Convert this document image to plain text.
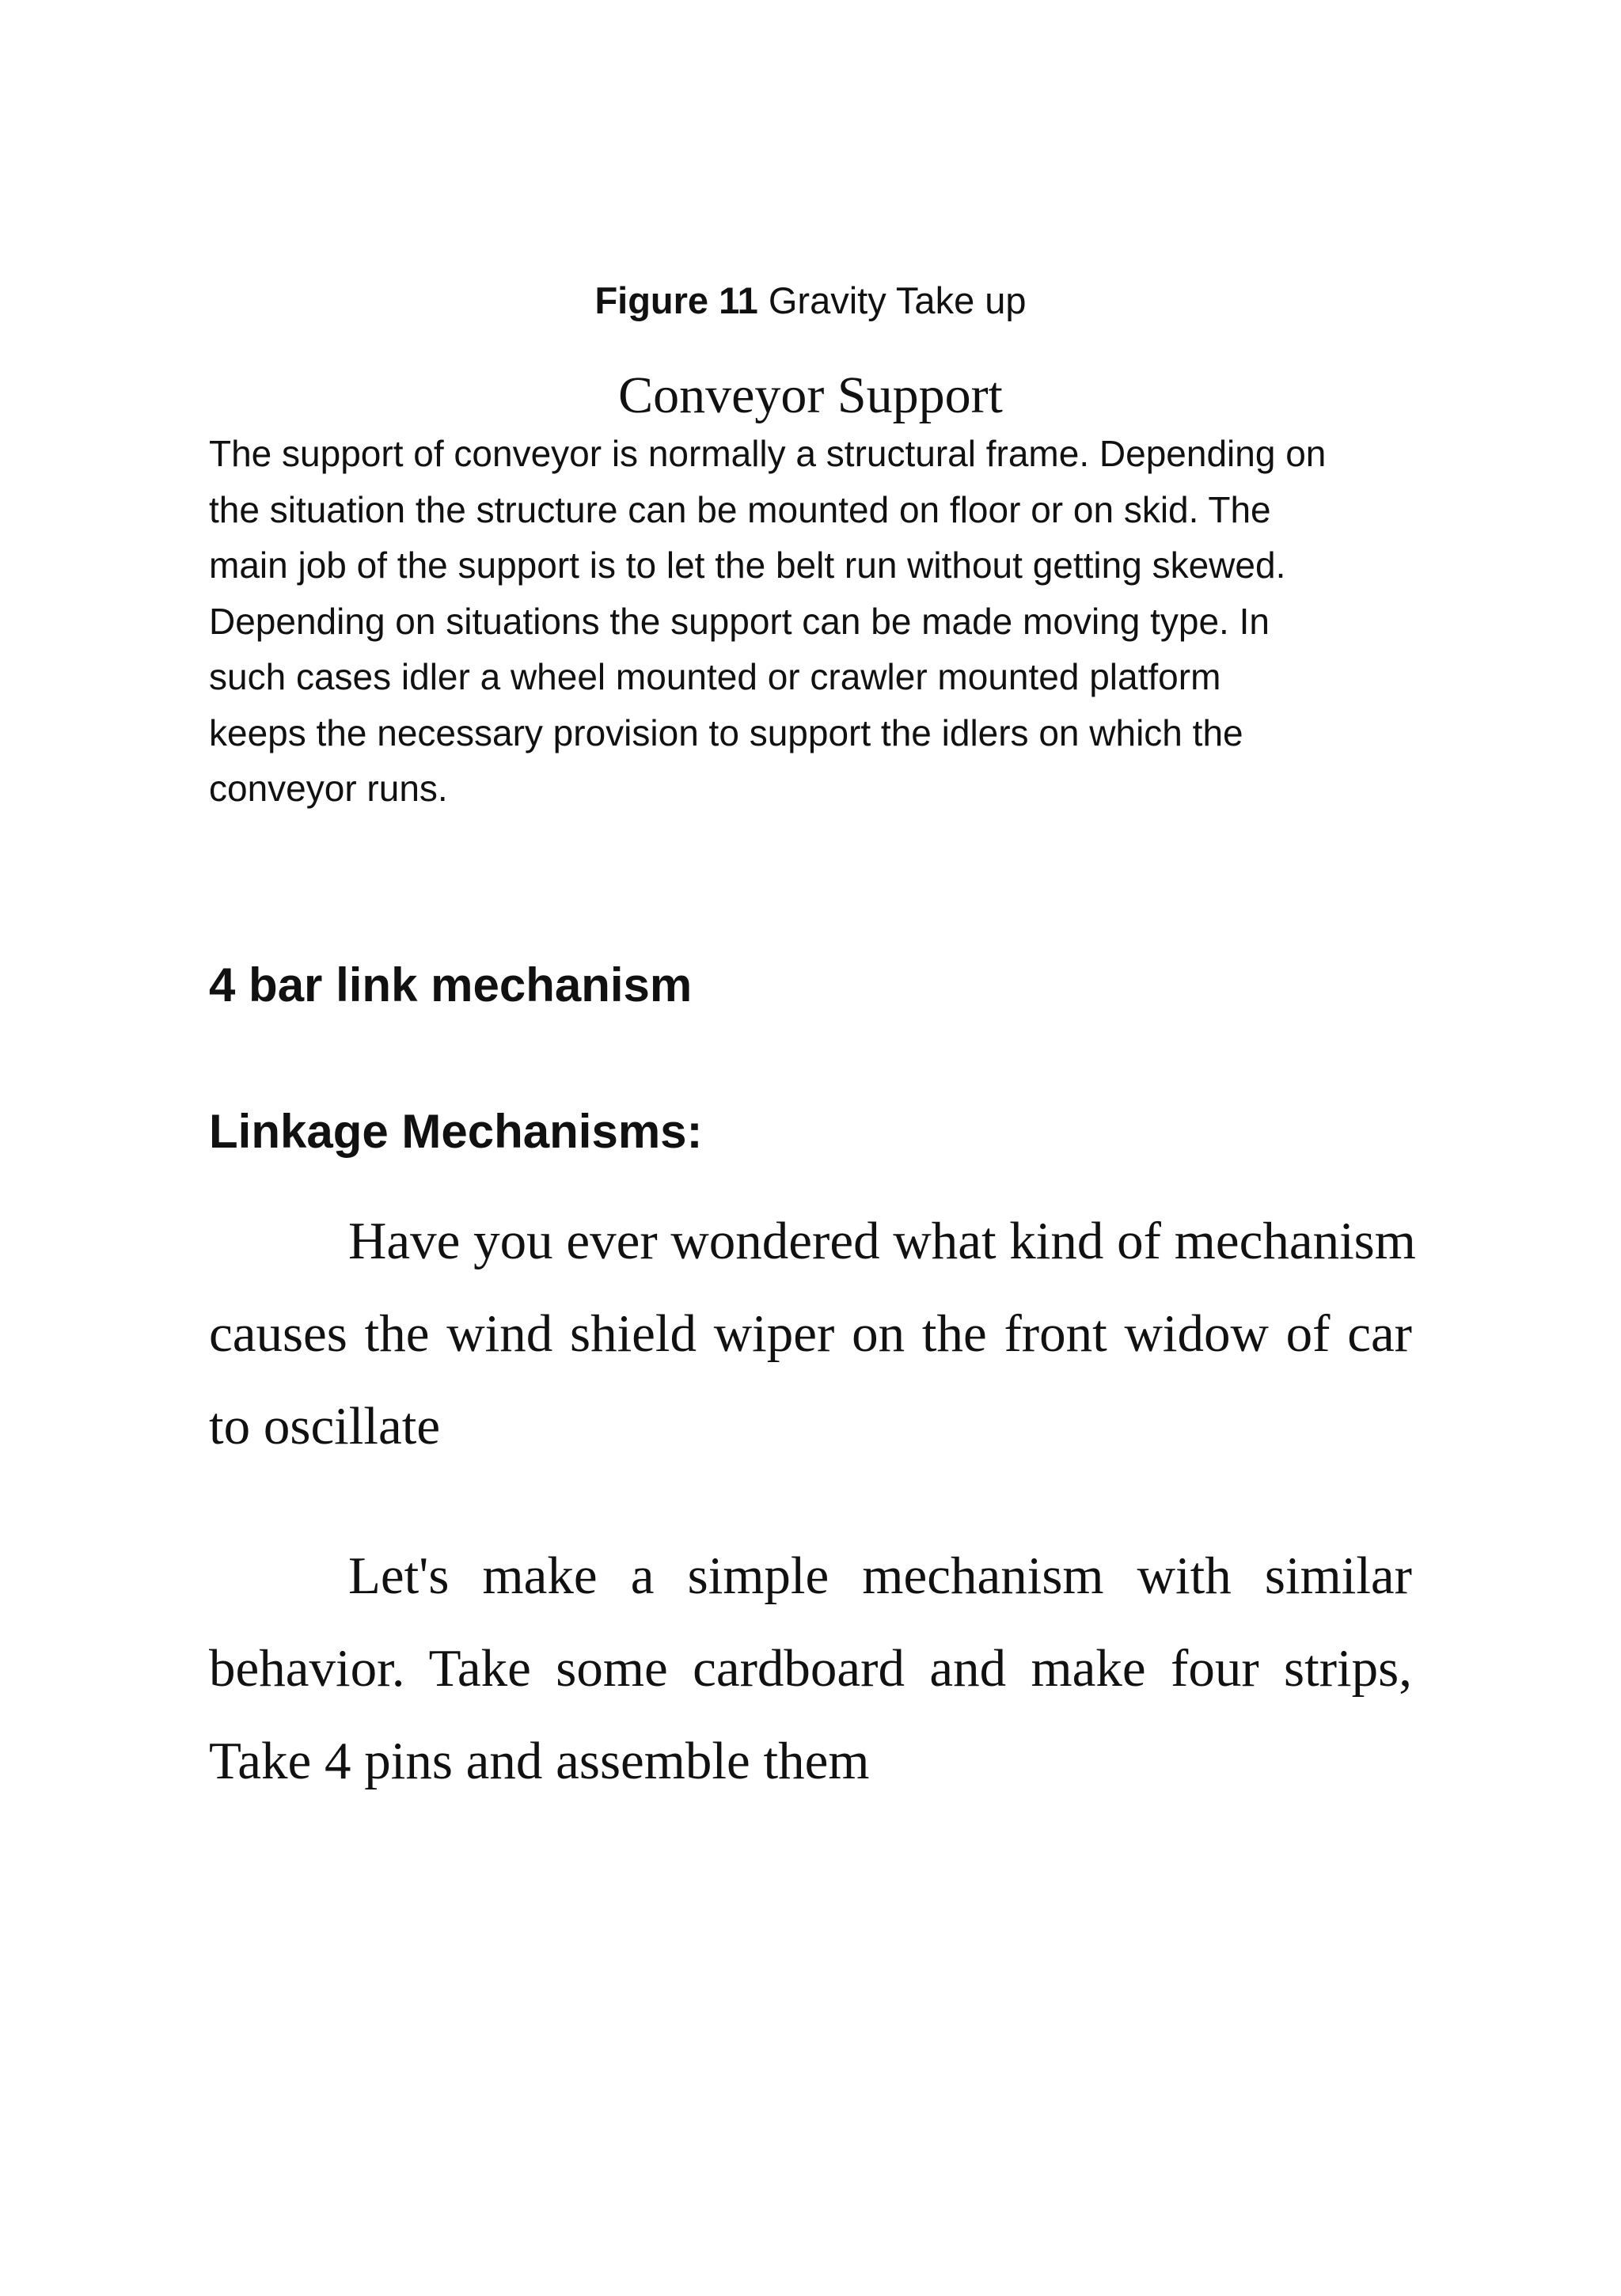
Figure 11 Gravity Take up
Conveyor Support
The support of conveyor is normally a structural frame. Depending on
the situation the structure can be mounted on floor or on skid. The
main job of the support is to let the belt run without getting skewed.
Depending on situations the support can be made moving type. In
such cases idler a wheel mounted or crawler mounted platform
keeps the necessary provision to support the idlers on which the
conveyor runs.
4 bar link mechanism
Linkage Mechanisms:
Have you ever wondered what kind of mechanism
causes the wind shield wiper on the front widow of car
to oscillate
Let's make a simple mechanism with similar
behavior. Take some cardboard and make four strips,
Take 4 pins and assemble them
